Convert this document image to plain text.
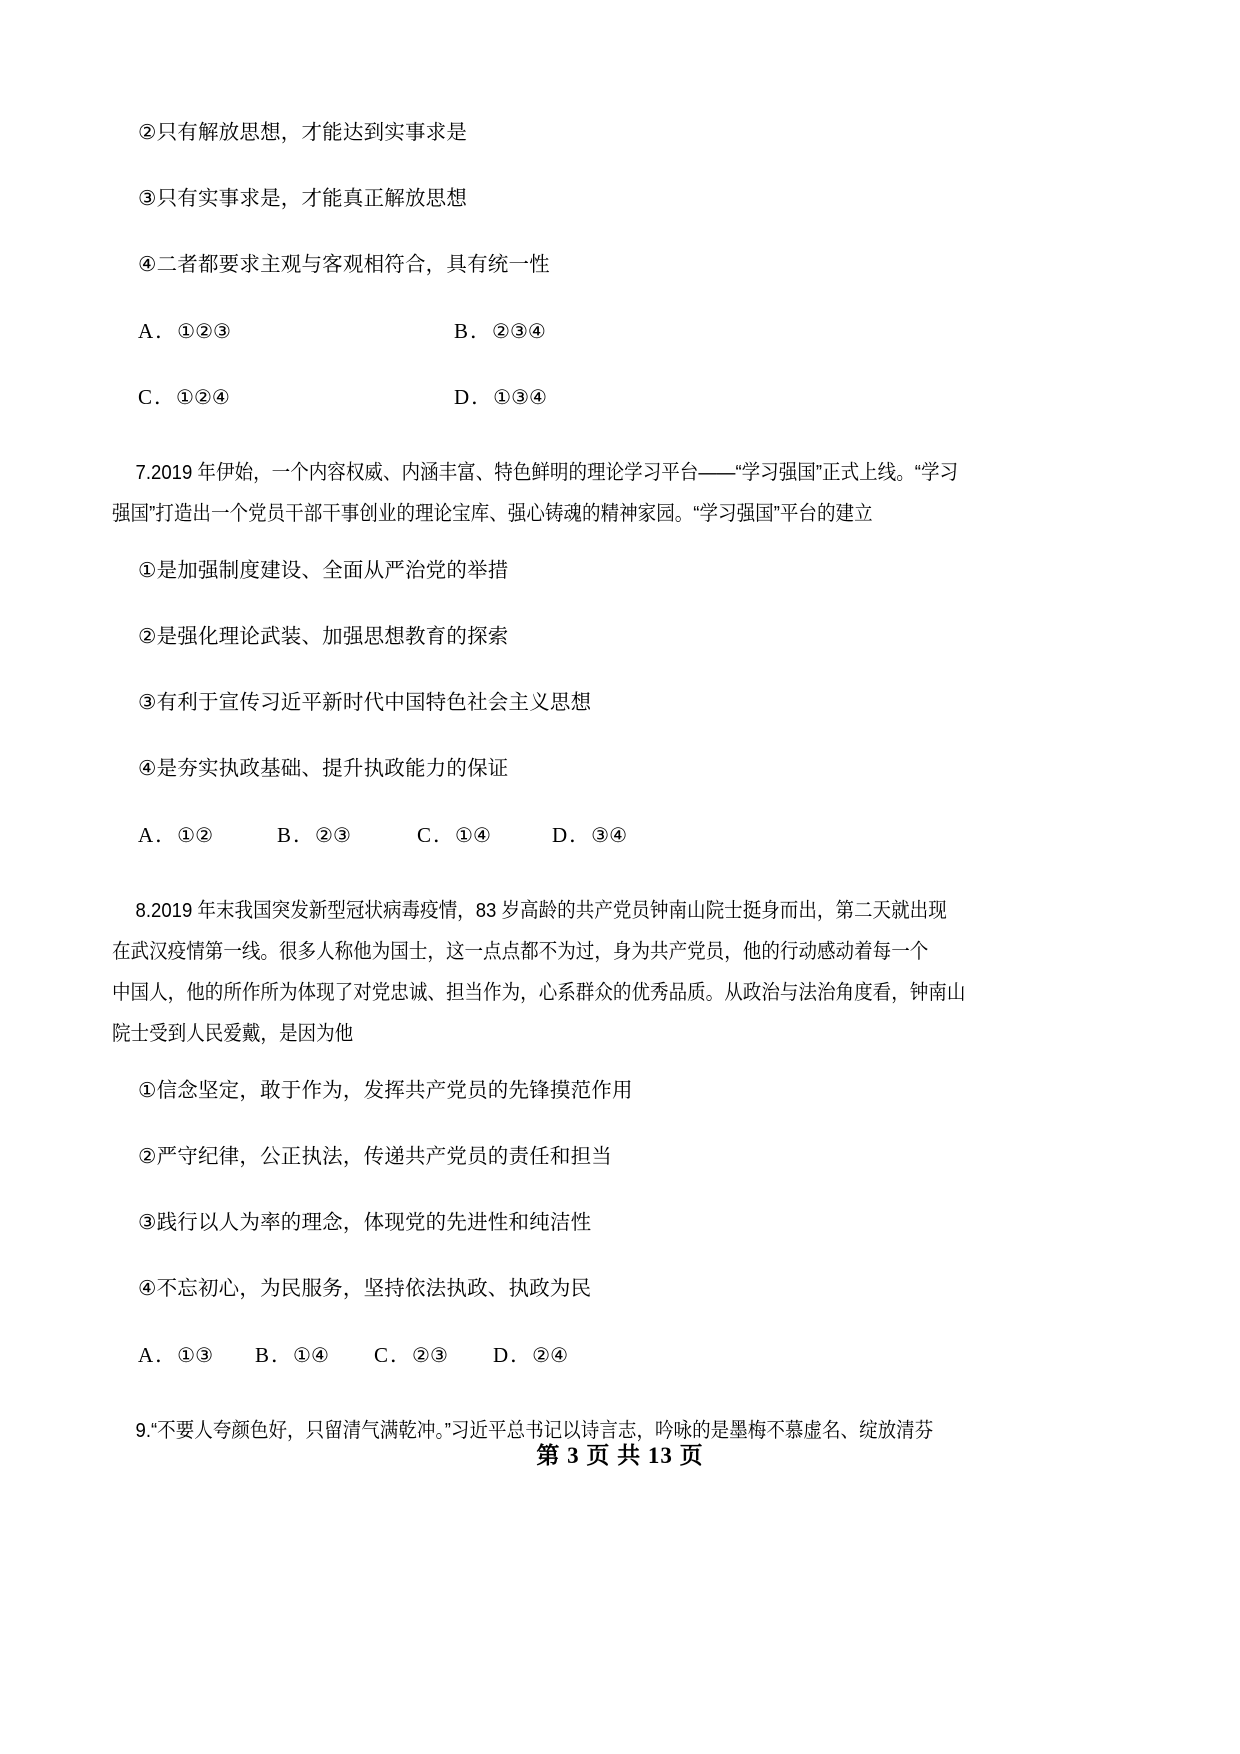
②只有解放思想，才能达到实事求是

③只有实事求是，才能真正解放思想

④二者都要求主观与客观相符合，具有统一性

A．①②③	B．②③④
C．①②④	D．①③④
7.2019 年伊始，一个内容权威、内涵丰富、特色鲜明的理论学习平台——“学习强国”正式上线。“学习
强国”打造出一个党员干部干事创业的理论宝库、强心铸魂的精神家园。“学习强国”平台的建立

①是加强制度建设、全面从严治党的举措

②是强化理论武装、加强思想教育的探索

③有利于宣传习近平新时代中国特色社会主义思想

④是夯实执政基础、提升执政能力的保证

A．①②	B．②③	C．①④	D．③④
8.2019 年末我国突发新型冠状病毒疫情，83 岁高龄的共产党员钟南山院士挺身而出，第二天就出现
在武汉疫情第一线。很多人称他为国士，这一点点都不为过，身为共产党员，他的行动感动着每一个
中国人，他的所作所为体现了对党忠诚、担当作为，心系群众的优秀品质。从政治与法治角度看，钟南山
院士受到人民爱戴，是因为他

①信念坚定，敢于作为，发挥共产党员的先锋摸范作用

②严守纪律，公正执法，传递共产党员的责任和担当

③践行以人为率的理念，体现党的先进性和纯洁性

④不忘初心，为民服务，坚持依法执政、执政为民

A．①③ B．①④ C．②③ D．②④
9.“不要人夸颜色好，只留清气满乾冲。”习近平总书记以诗言志，吟咏的是墨梅不慕虚名、绽放清芬
第 3 页 共 13 页
